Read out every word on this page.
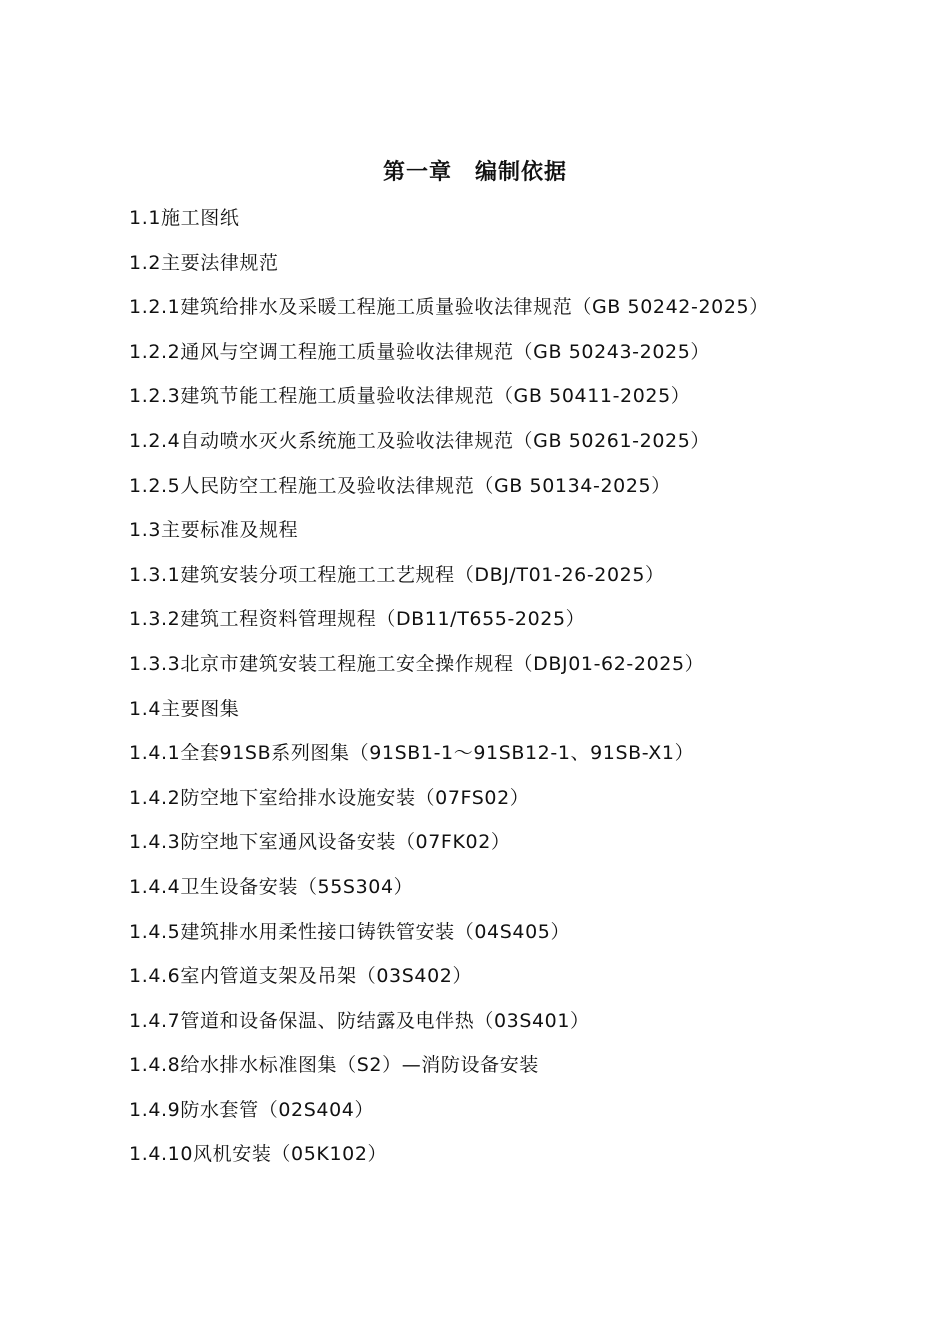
第一章　编制依据
1.1施工图纸
1.2主要法律规范
1.2.1建筑给排水及采暖工程施工质量验收法律规范（GB 50242-2025）
1.2.2通风与空调工程施工质量验收法律规范（GB 50243-2025）
1.2.3建筑节能工程施工质量验收法律规范（GB 50411-2025）
1.2.4自动喷水灭火系统施工及验收法律规范（GB 50261-2025）
1.2.5人民防空工程施工及验收法律规范（GB 50134-2025）
1.3主要标准及规程
1.3.1建筑安装分项工程施工工艺规程（DBJ/T01-26-2025）
1.3.2建筑工程资料管理规程（DB11/T655-2025）
1.3.3北京市建筑安装工程施工安全操作规程（DBJ01-62-2025）
1.4主要图集
1.4.1全套91SB系列图集（91SB1-1～91SB12-1、91SB-X1）
1.4.2防空地下室给排水设施安装（07FS02）
1.4.3防空地下室通风设备安装（07FK02）
1.4.4卫生设备安装（55S304）
1.4.5建筑排水用柔性接口铸铁管安装（04S405）
1.4.6室内管道支架及吊架（03S402）
1.4.7管道和设备保温、防结露及电伴热（03S401）
1.4.8给水排水标准图集（S2）—消防设备安装
1.4.9防水套管（02S404）
1.4.10风机安装（05K102）
